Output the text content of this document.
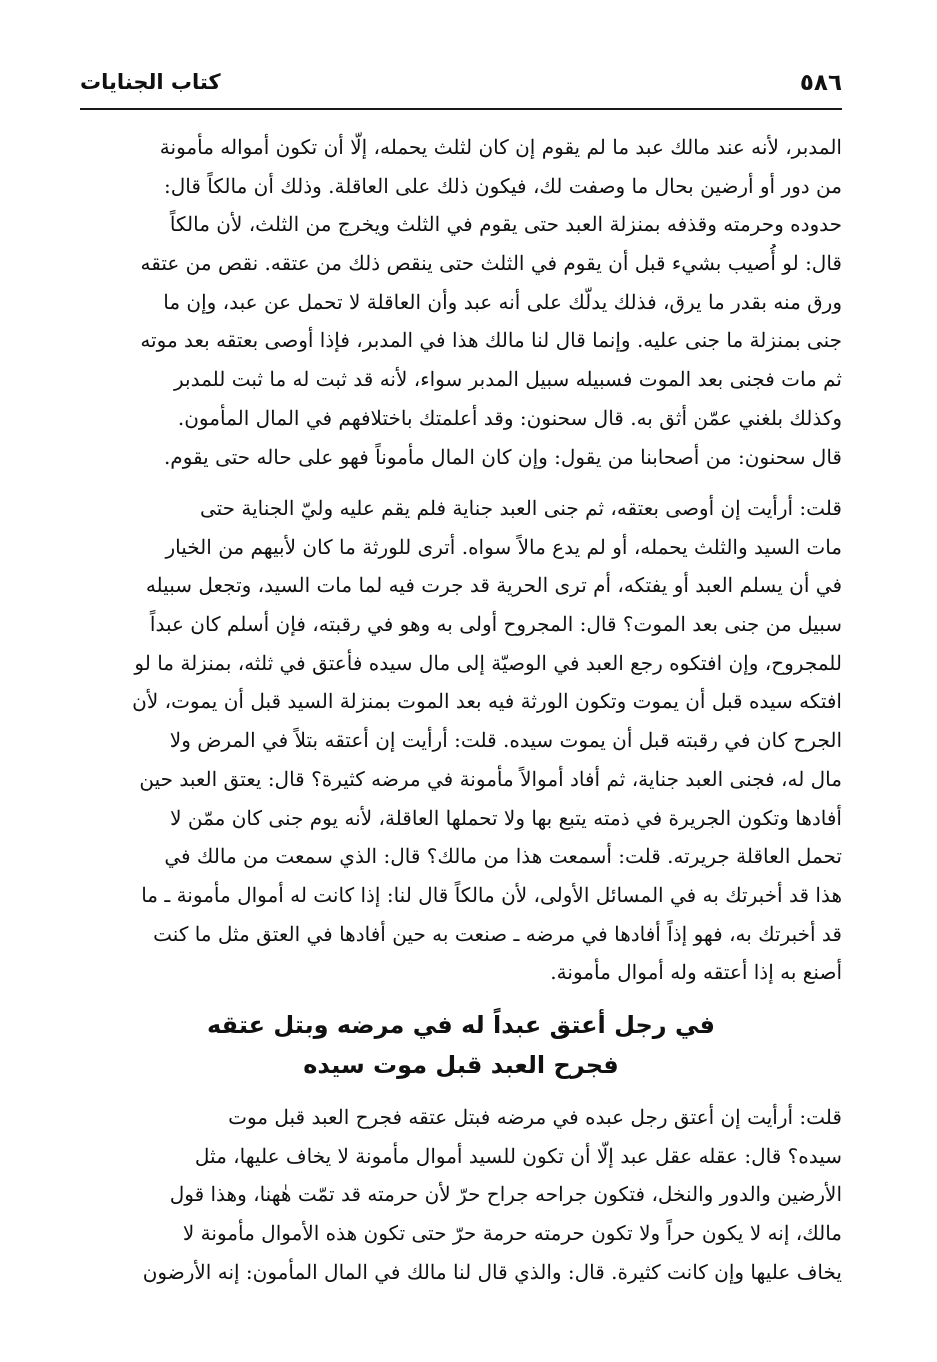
٥٨٦
كتاب الجنايات
المدبر، لأنه عند مالك عبد ما لم يقوم إن كان لثلث يحمله، إلّا أن تكون أمواله مأمونة
من دور أو أرضين بحال ما وصفت لك، فيكون ذلك على العاقلة. وذلك أن مالكاً قال:
حدوده وحرمته وقذفه بمنزلة العبد حتى يقوم في الثلث ويخرج من الثلث، لأن مالكاً
قال: لو أُصيب بشيء قبل أن يقوم في الثلث حتى ينقص ذلك من عتقه. نقص من عتقه
ورق منه بقدر ما يرق، فذلك يدلّك على أنه عبد وأن العاقلة لا تحمل عن عبد، وإن ما
جنى بمنزلة ما جنى عليه. وإنما قال لنا مالك هذا في المدبر، فإذا أوصى بعتقه بعد موته
ثم مات فجنى بعد الموت فسبيله سبيل المدبر سواء، لأنه قد ثبت له ما ثبت للمدبر
وكذلك بلغني عمّن أثق به. قال سحنون: وقد أعلمتك باختلافهم في المال المأمون.
قال سحنون: من أصحابنا من يقول: وإن كان المال مأموناً فهو على حاله حتى يقوم.
قلت: أرأيت إن أوصى بعتقه، ثم جنى العبد جناية فلم يقم عليه وليّ الجناية حتى
مات السيد والثلث يحمله، أو لم يدع مالاً سواه. أترى للورثة ما كان لأبيهم من الخيار
في أن يسلم العبد أو يفتكه، أم ترى الحرية قد جرت فيه لما مات السيد، وتجعل سبيله
سبيل من جنى بعد الموت؟ قال: المجروح أولى به وهو في رقبته، فإن أسلم كان عبداً
للمجروح، وإن افتكوه رجع العبد في الوصيّة إلى مال سيده فأعتق في ثلثه، بمنزلة ما لو
افتكه سيده قبل أن يموت وتكون الورثة فيه بعد الموت بمنزلة السيد قبل أن يموت، لأن
الجرح كان في رقبته قبل أن يموت سيده. قلت: أرأيت إن أعتقه بتلاً في المرض ولا
مال له، فجنى العبد جناية، ثم أفاد أموالاً مأمونة في مرضه كثيرة؟ قال: يعتق العبد حين
أفادها وتكون الجريرة في ذمته يتبع بها ولا تحملها العاقلة، لأنه يوم جنى كان ممّن لا
تحمل العاقلة جريرته. قلت: أسمعت هذا من مالك؟ قال: الذي سمعت من مالك في
هذا قد أخبرتك به في المسائل الأولى، لأن مالكاً قال لنا: إذا كانت له أموال مأمونة ـ ما
قد أخبرتك به، فهو إذاً أفادها في مرضه ـ صنعت به حين أفادها في العتق مثل ما كنت
أصنع به إذا أعتقه وله أموال مأمونة.
في رجل أعتق عبداً له في مرضه وبتل عتقه
فجرح العبد قبل موت سيده
قلت: أرأيت إن أعتق رجل عبده في مرضه فبتل عتقه فجرح العبد قبل موت
سيده؟ قال: عقله عقل عبد إلّا أن تكون للسيد أموال مأمونة لا يخاف عليها، مثل
الأرضين والدور والنخل، فتكون جراحه جراح حرّ لأن حرمته قد تمّت هٰهنا، وهذا قول
مالك، إنه لا يكون حراً ولا تكون حرمته حرمة حرّ حتى تكون هذه الأموال مأمونة لا
يخاف عليها وإن كانت كثيرة. قال: والذي قال لنا مالك في المال المأمون: إنه الأرضون
